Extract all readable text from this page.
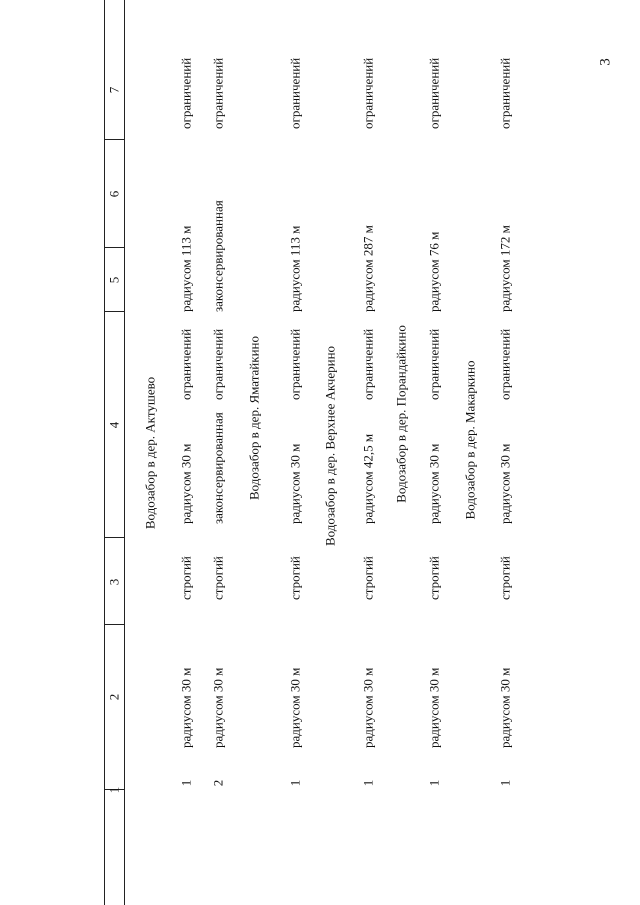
3
1
2
3
4
5
6
7
Водозабор в дер. Актушево
1
радиусом 30 м
строгий
радиусом 30 м
ограничений
радиусом 113 м
ограничений
2
радиусом 30 м
строгий
законсервированная
ограничений
законсервированная
ограничений
Водозабор в дер. Яматайкино
1
радиусом 30 м
строгий
радиусом 30 м
ограничений
радиусом 113 м
ограничений
Водозабор в дер. Верхнее Акчерино
1
радиусом 30 м
строгий
радиусом 42,5 м
ограничений
радиусом 287 м
ограничений
Водозабор в дер. Порандайкино
1
радиусом 30 м
строгий
радиусом 30 м
ограничений
радиусом 76 м
ограничений
Водозабор в дер. Макаркино
1
радиусом 30 м
строгий
радиусом 30 м
ограничений
радиусом 172 м
ограничений
